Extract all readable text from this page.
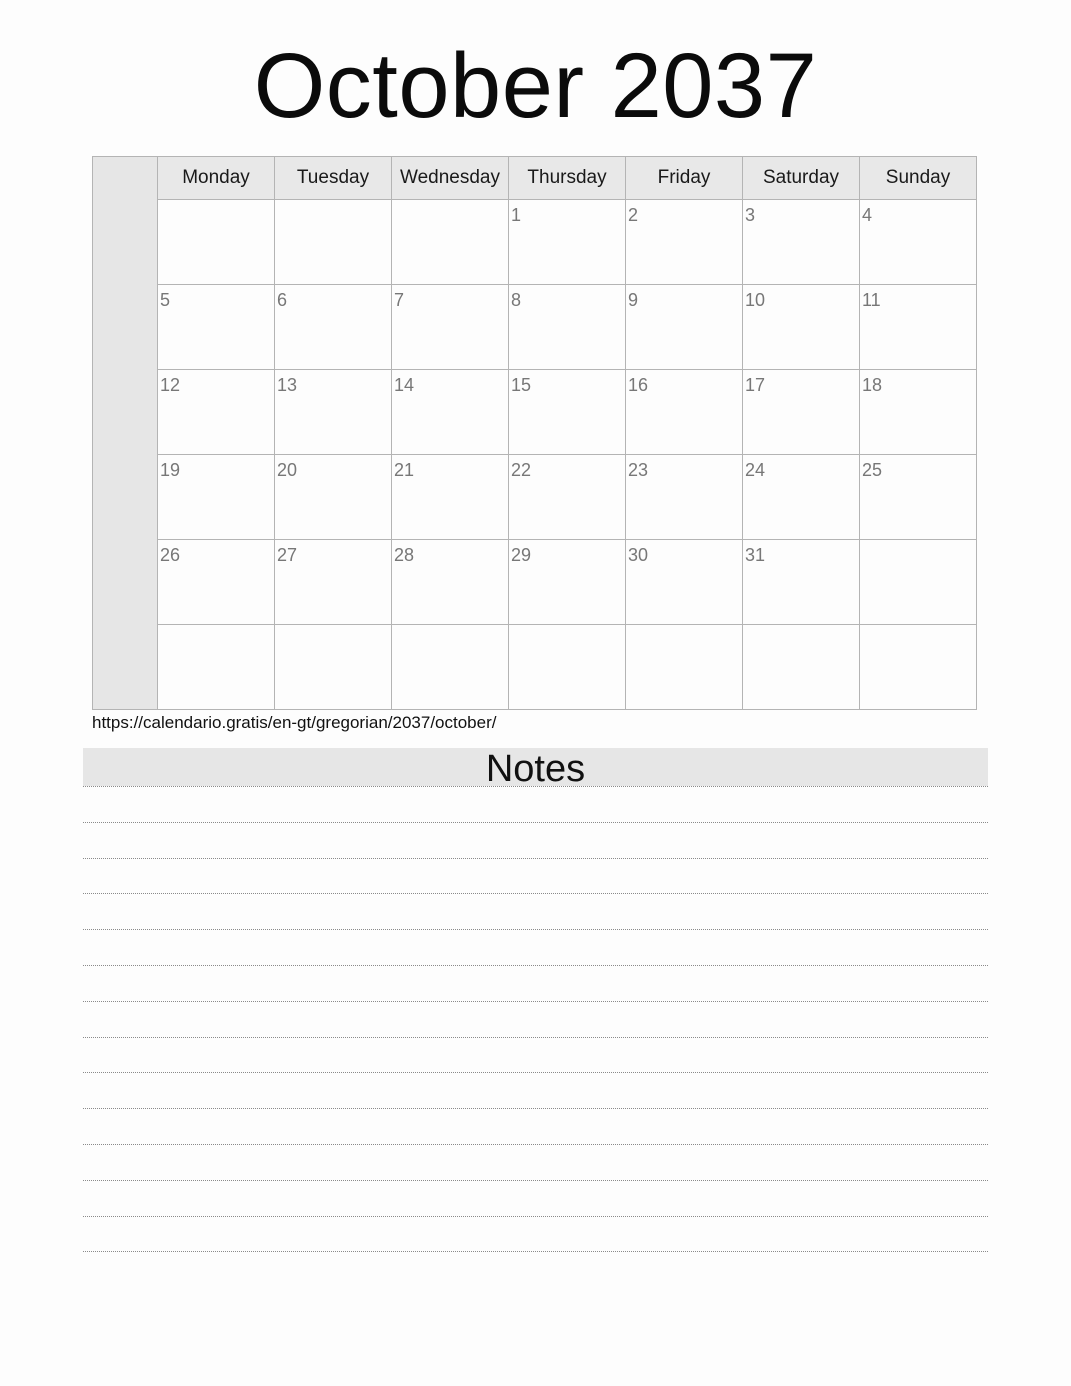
October 2037
	Monday	Tuesday	Wednesday	Thursday	Friday	Saturday	Sunday

				1	2	3	4

	5	6	7	8	9	10	11

	12	13	14	15	16	17	18

	19	20	21	22	23	24	25

	26	27	28	29	30	31	

https://calendario.gratis/en-gt/gregorian/2037/october/
Notes
